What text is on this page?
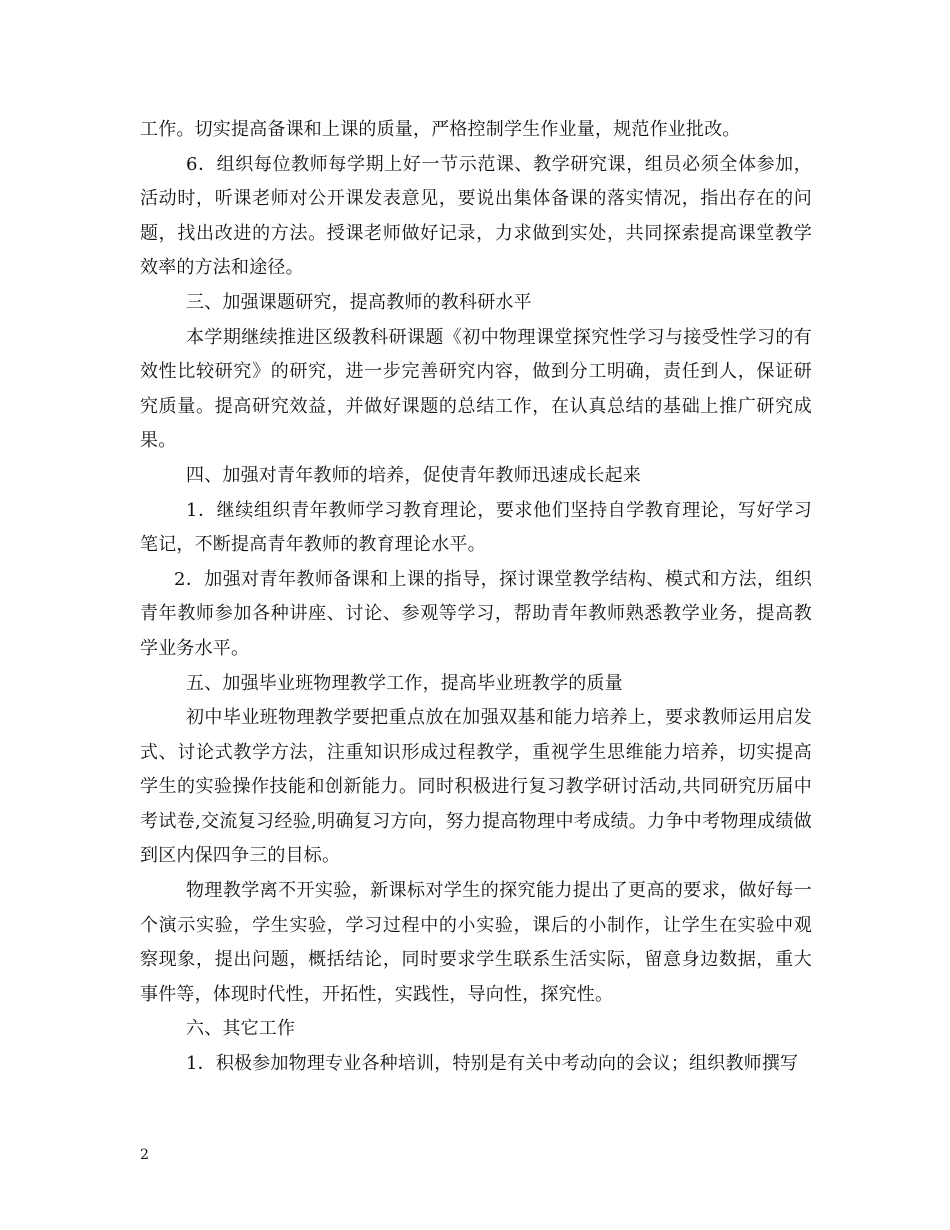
工作。切实提高备课和上课的质量，严格控制学生作业量，规范作业批改。

6．组织每位教师每学期上好一节示范课、教学研究课，组员必须全体参加，活动时，听课老师对公开课发表意见，要说出集体备课的落实情况，指出存在的问题，找出改进的方法。授课老师做好记录，力求做到实处，共同探索提高课堂教学效率的方法和途径。

三、加强课题研究，提高教师的教科研水平

本学期继续推进区级教科研课题《初中物理课堂探究性学习与接受性学习的有效性比较研究》的研究，进一步完善研究内容，做到分工明确，责任到人，保证研究质量。提高研究效益，并做好课题的总结工作，在认真总结的基础上推广研究成果。

四、加强对青年教师的培养，促使青年教师迅速成长起来

1．继续组织青年教师学习教育理论，要求他们坚持自学教育理论，写好学习笔记，不断提高青年教师的教育理论水平。

2．加强对青年教师备课和上课的指导，探讨课堂教学结构、模式和方法，组织青年教师参加各种讲座、讨论、参观等学习，帮助青年教师熟悉教学业务，提高教学业务水平。

五、加强毕业班物理教学工作，提高毕业班教学的质量

初中毕业班物理教学要把重点放在加强双基和能力培养上，要求教师运用启发式、讨论式教学方法，注重知识形成过程教学，重视学生思维能力培养，切实提高学生的实验操作技能和创新能力。同时积极进行复习教学研讨活动,共同研究历届中考试卷,交流复习经验,明确复习方向，努力提高物理中考成绩。力争中考物理成绩做到区内保四争三的目标。

物理教学离不开实验，新课标对学生的探究能力提出了更高的要求，做好每一个演示实验，学生实验，学习过程中的小实验，课后的小制作，让学生在实验中观察现象，提出问题，概括结论，同时要求学生联系生活实际，留意身边数据，重大事件等，体现时代性，开拓性，实践性，导向性，探究性。

六、其它工作

1．积极参加物理专业各种培训，特别是有关中考动向的会议；组织教师撰写

2
